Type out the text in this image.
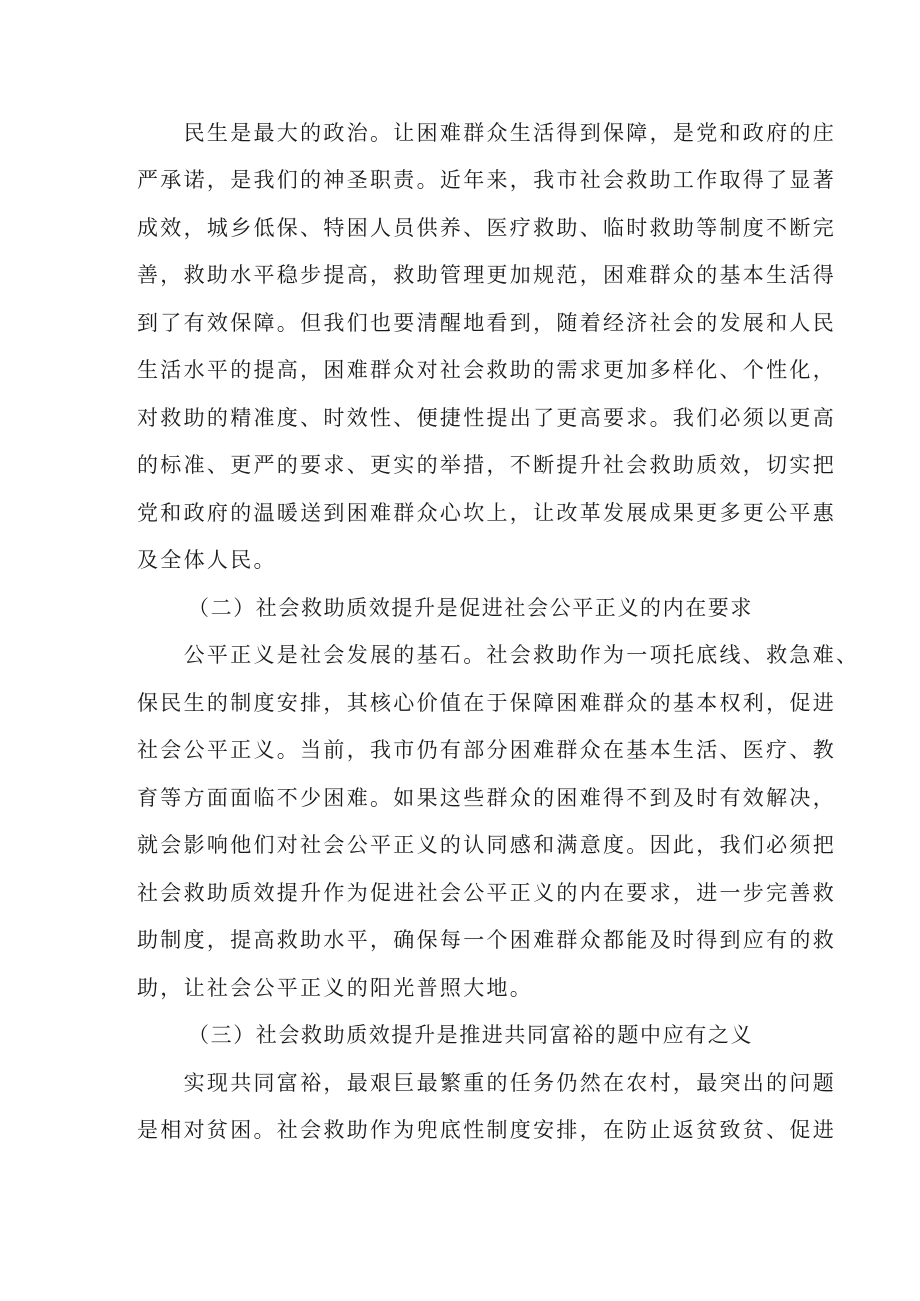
　　民生是最大的政治。让困难群众生活得到保障，是党和政府的庄
严承诺，是我们的神圣职责。近年来，我市社会救助工作取得了显著
成效，城乡低保、特困人员供养、医疗救助、临时救助等制度不断完
善，救助水平稳步提高，救助管理更加规范，困难群众的基本生活得
到了有效保障。但我们也要清醒地看到，随着经济社会的发展和人民
生活水平的提高，困难群众对社会救助的需求更加多样化、个性化，
对救助的精准度、时效性、便捷性提出了更高要求。我们必须以更高
的标准、更严的要求、更实的举措，不断提升社会救助质效，切实把
党和政府的温暖送到困难群众心坎上，让改革发展成果更多更公平惠
及全体人民。
（二）社会救助质效提升是促进社会公平正义的内在要求
　　公平正义是社会发展的基石。社会救助作为一项托底线、救急难、
保民生的制度安排，其核心价值在于保障困难群众的基本权利，促进
社会公平正义。当前，我市仍有部分困难群众在基本生活、医疗、教
育等方面面临不少困难。如果这些群众的困难得不到及时有效解决，
就会影响他们对社会公平正义的认同感和满意度。因此，我们必须把
社会救助质效提升作为促进社会公平正义的内在要求，进一步完善救
助制度，提高救助水平，确保每一个困难群众都能及时得到应有的救
助，让社会公平正义的阳光普照大地。
（三）社会救助质效提升是推进共同富裕的题中应有之义
　　实现共同富裕，最艰巨最繁重的任务仍然在农村，最突出的问题
是相对贫困。社会救助作为兜底性制度安排，在防止返贫致贫、促进
